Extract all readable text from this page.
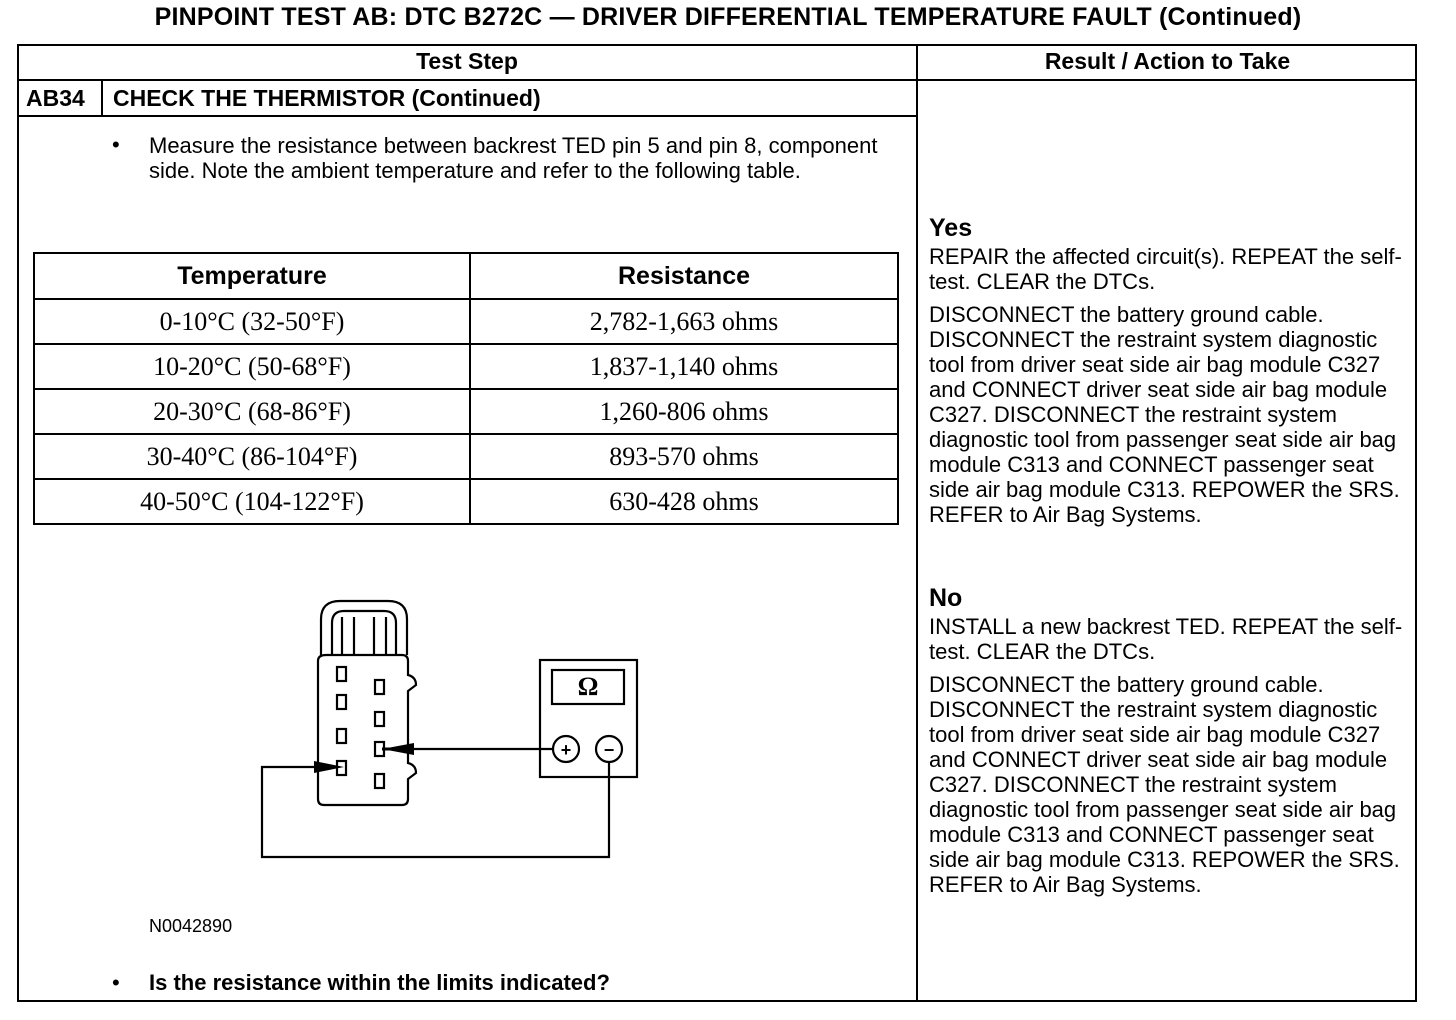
PINPOINT TEST AB: DTC B272C — DRIVER DIFFERENTIAL TEMPERATURE FAULT (Continued)
Test Step	Result / Action to Take
AB34 CHECK THE THERMISTOR (Continued)
• Measure the resistance between backrest TED pin 5 and pin 8, component side. Note the ambient temperature and refer to the following table.
Temperature	Resistance
0-10°C (32-50°F)	2,782-1,663 ohms
10-20°C (50-68°F)	1,837-1,140 ohms
20-30°C (68-86°F)	1,260-806 ohms
30-40°C (86-104°F)	893-570 ohms
40-50°C (104-122°F)	630-428 ohms
Ω
+ −
N0042890
• Is the resistance within the limits indicated?
Yes
REPAIR the affected circuit(s). REPEAT the self-test. CLEAR the DTCs.
DISCONNECT the battery ground cable. DISCONNECT the restraint system diagnostic tool from driver seat side air bag module C327 and CONNECT driver seat side air bag module C327. DISCONNECT the restraint system diagnostic tool from passenger seat side air bag module C313 and CONNECT passenger seat side air bag module C313. REPOWER the SRS. REFER to Air Bag Systems.
No
INSTALL a new backrest TED. REPEAT the self-test. CLEAR the DTCs.
DISCONNECT the battery ground cable. DISCONNECT the restraint system diagnostic tool from driver seat side air bag module C327 and CONNECT driver seat side air bag module C327. DISCONNECT the restraint system diagnostic tool from passenger seat side air bag module C313 and CONNECT passenger seat side air bag module C313. REPOWER the SRS. REFER to Air Bag Systems.
